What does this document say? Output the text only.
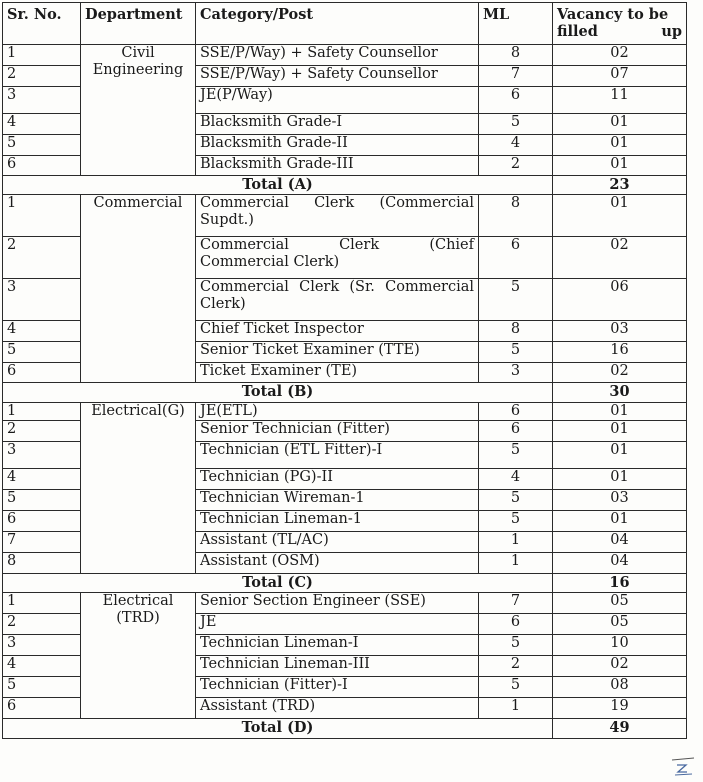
Sr. No.	Department	Category/Post	ML	Vacancy to be filled up
1	Civil Engineering	SSE/P/Way) + Safety Counsellor	8	02
2		SSE/P/Way) + Safety Counsellor	7	07
3		JE(P/Way)	6	11
4		Blacksmith Grade-I	5	01
5		Blacksmith Grade-II	4	01
6		Blacksmith Grade-III	2	01
Total (A)				23
1	Commercial	Commercial Clerk (Commercial Supdt.)	8	01
2		Commercial Clerk (Chief Commercial Clerk)	6	02
3		Commercial Clerk (Sr. Commercial Clerk)	5	06
4		Chief Ticket Inspector	8	03
5		Senior Ticket Examiner (TTE)	5	16
6		Ticket Examiner (TE)	3	02
Total (B)				30
1	Electrical(G)	JE(ETL)	6	01
2		Senior Technician (Fitter)	6	01
3		Technician (ETL Fitter)-I	5	01
4		Technician (PG)-II	4	01
5		Technician Wireman-1	5	03
6		Technician Lineman-1	5	01
7		Assistant (TL/AC)	1	04
8		Assistant (OSM)	1	04
Total (C)				16
1	Electrical (TRD)	Senior Section Engineer (SSE)	7	05
2		JE	6	05
3		Technician Lineman-I	5	10
4		Technician Lineman-III	2	02
5		Technician (Fitter)-I	5	08
6		Assistant (TRD)	1	19
Total (D)				49
